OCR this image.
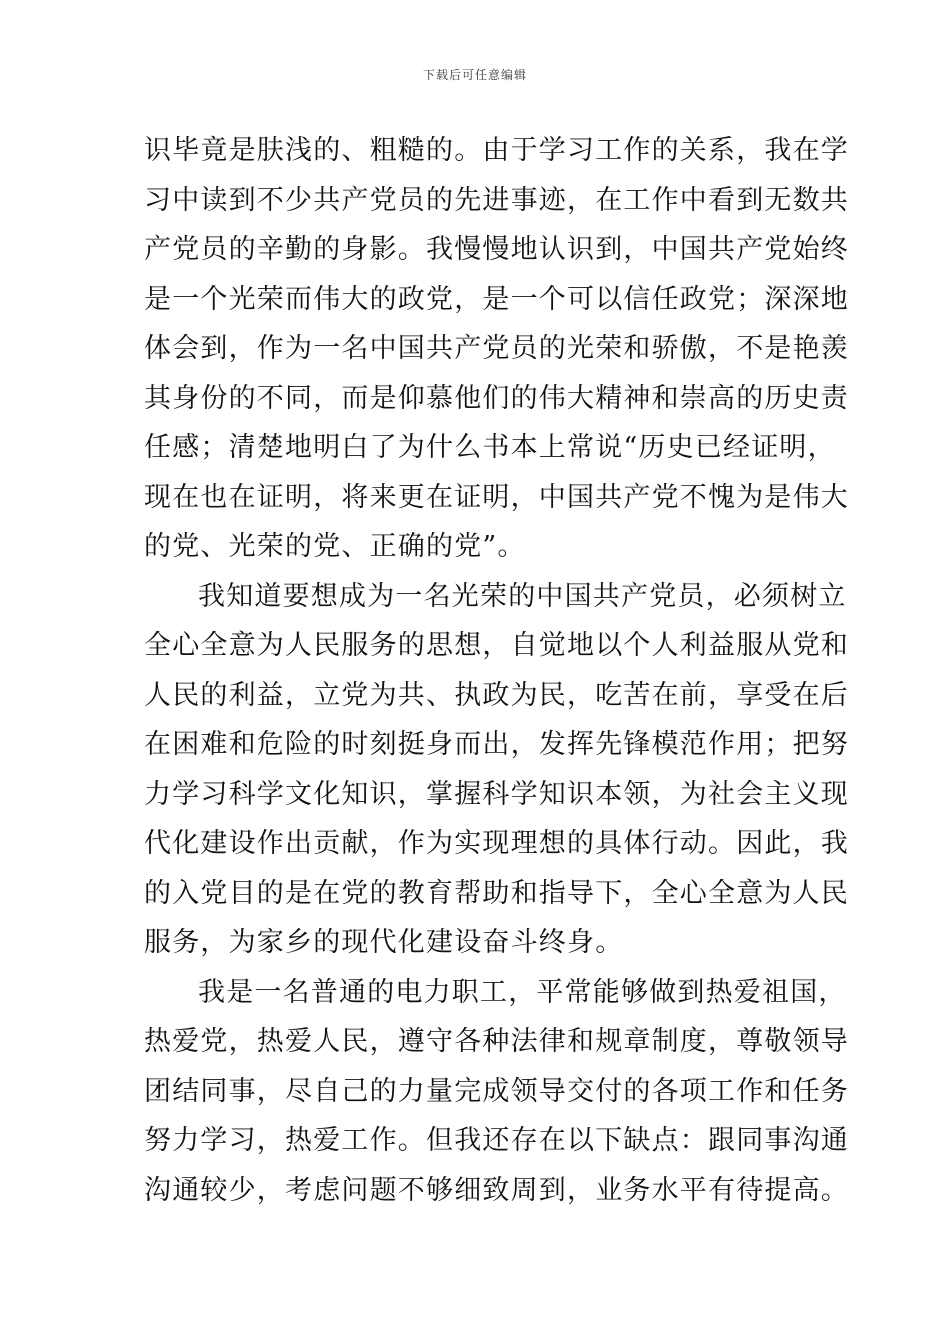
下载后可任意编辑
识毕竟是肤浅的、粗糙的。由于学习工作的关系，我在学
习中读到不少共产党员的先进事迹，在工作中看到无数共
产党员的辛勤的身影。我慢慢地认识到，中国共产党始终
是一个光荣而伟大的政党，是一个可以信任政党；深深地
体会到，作为一名中国共产党员的光荣和骄傲，不是艳羡
其身份的不同，而是仰慕他们的伟大精神和崇高的历史责
任感；清楚地明白了为什么书本上常说“历史已经证明，
现在也在证明，将来更在证明，中国共产党不愧为是伟大
的党、光荣的党、正确的党”。
我知道要想成为一名光荣的中国共产党员，必须树立
全心全意为人民服务的思想，自觉地以个人利益服从党和
人民的利益，立党为共、执政为民，吃苦在前，享受在后
在困难和危险的时刻挺身而出，发挥先锋模范作用；把努
力学习科学文化知识，掌握科学知识本领，为社会主义现
代化建设作出贡献，作为实现理想的具体行动。因此，我
的入党目的是在党的教育帮助和指导下，全心全意为人民
服务，为家乡的现代化建设奋斗终身。
我是一名普通的电力职工，平常能够做到热爱祖国，
热爱党，热爱人民，遵守各种法律和规章制度，尊敬领导
团结同事，尽自己的力量完成领导交付的各项工作和任务
努力学习，热爱工作。但我还存在以下缺点：跟同事沟通
沟通较少，考虑问题不够细致周到，业务水平有待提高。
